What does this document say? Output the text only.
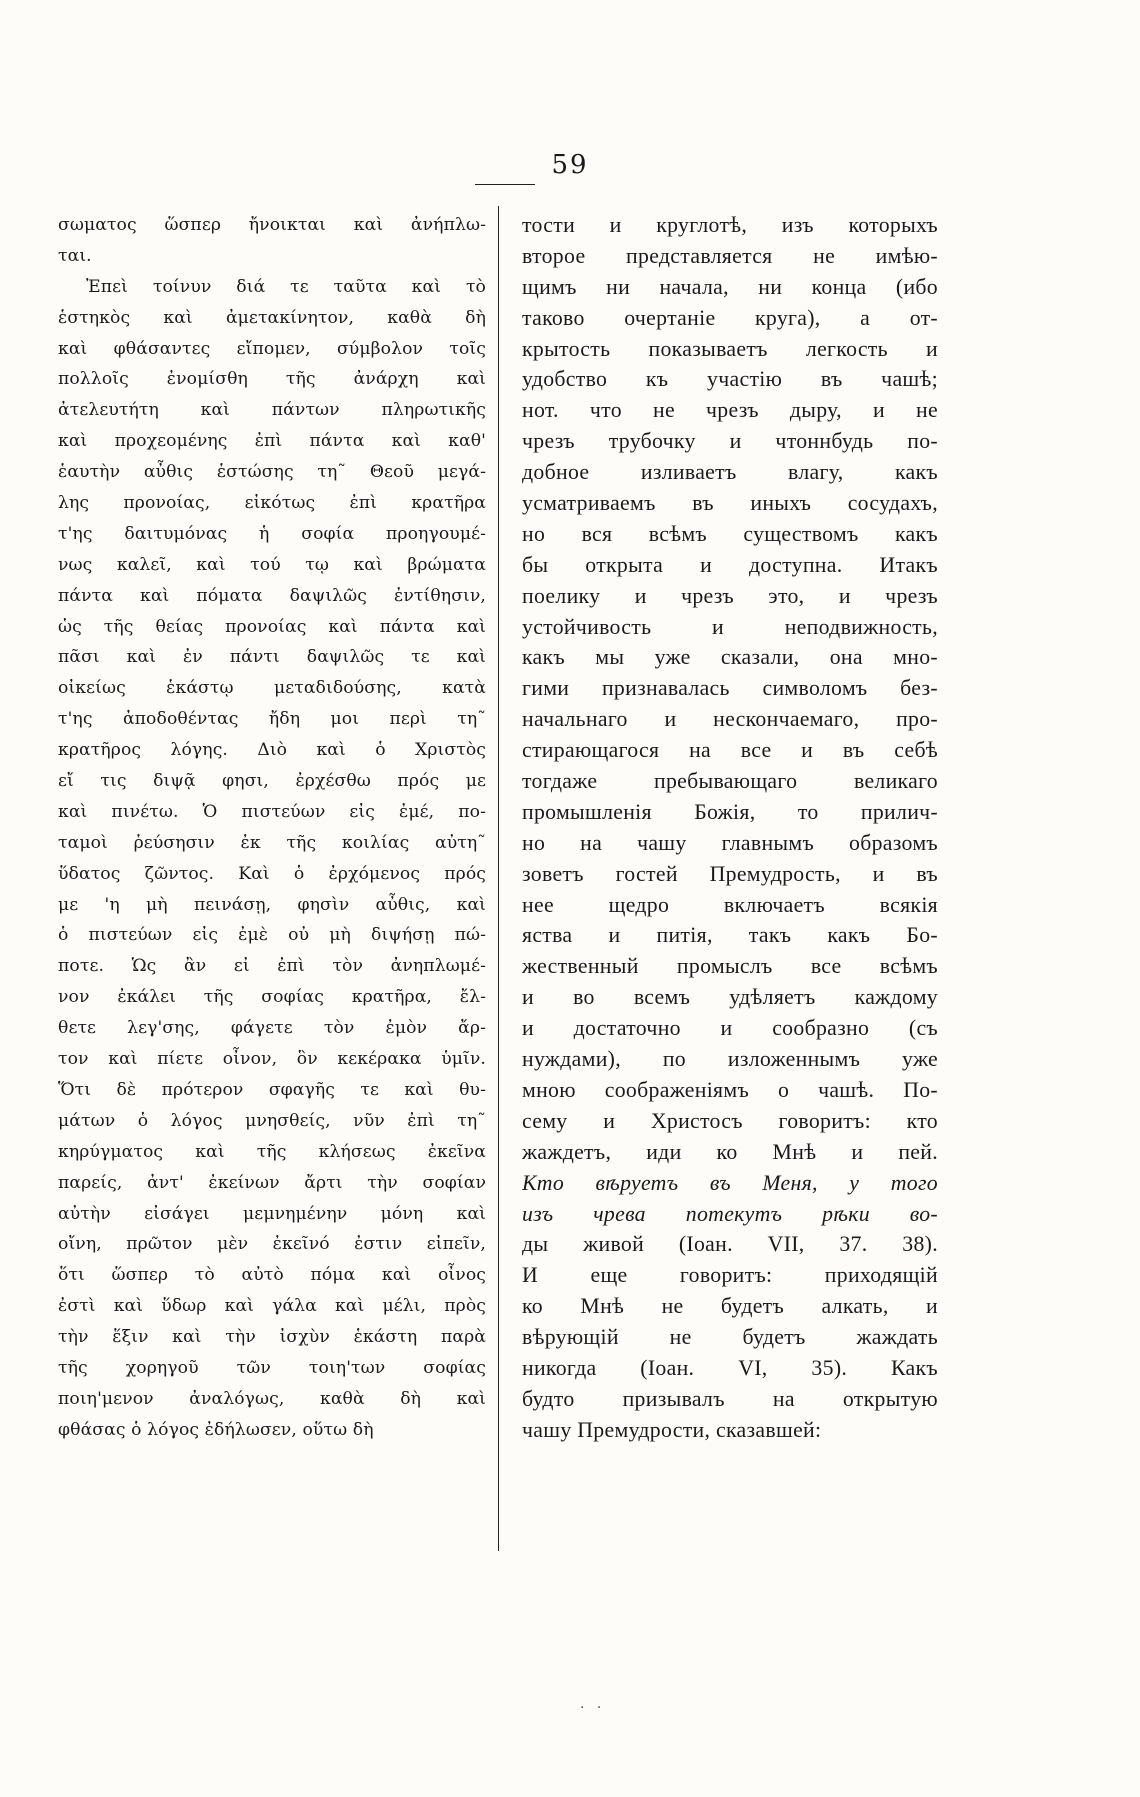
59
σωματος ὥσπερ ἤνοικται καὶ ἀνήπλω-
ται.
Ἐπεὶ τοίνυν διά τε ταῦτα καὶ τὸ
ἑστηκὸς καὶ ἀμετακίνητον, καθὰ δὴ
καὶ φθάσαντες εἴπομεν, σύμβολον τοῖς
πολλοῖς ἐνομίσθη τῆς ἀνάρχη καὶ
ἀτελευτήτη καὶ πάντων πληρωτικῆς
καὶ προχεομένης ἐπὶ πάντα καὶ καθ'
ἑαυτὴν αὖθις ἑστώσης τη῀ Θεοῦ μεγά-
λης προνοίας, εἰκότως ἐπὶ κρατῆρα
τ'ης δαιτυμόνας ἡ σοφία προηγουμέ-
νως καλεῖ, καὶ τού τῳ καὶ βρώματα
πάντα καὶ πόματα δαψιλῶς ἐντίθησιν,
ὡς τῆς θείας προνοίας καὶ πάντα καὶ
πᾶσι καὶ ἐν πάντι δαψιλῶς τε καὶ
οἰκείως ἑκάστῳ μεταδιδούσης, κατὰ
τ'ης ἀποδοθέντας ἤδη μοι περὶ τη῀
κρατῆρος λόγης. Διὸ καὶ ὁ Χριστὸς
εἴ τις διψᾷ φησι, ἐρχέσθω πρός με
καὶ πινέτω. Ὁ πιστεύων εἰς ἐμέ, πο-
ταμοὶ ῥεύσησιν ἐκ τῆς κοιλίας αὐτη῀
ὕδατος ζῶντος. Καὶ ὁ ἐρχόμενος πρός
με 'η μὴ πεινάσῃ, φησὶν αὖθις, καὶ
ὁ πιστεύων εἰς ἐμὲ οὐ μὴ διψήσῃ πώ-
ποτε. Ὡς ἂν εἰ ἐπὶ τὸν ἀνηπλωμέ-
νον ἐκάλει τῆς σοφίας κρατῆρα, ἔλ-
θετε λεγ'σης, φάγετε τὸν ἐμὸν ἄρ-
τον καὶ πίετε οἶνον, ὃν κεκέρακα ὑμῖν.
Ὅτι δὲ πρότερον σφαγῆς τε καὶ θυ-
μάτων ὁ λόγος μνησθείς, νῦν ἐπὶ τη῀
κηρύγματος καὶ τῆς κλήσεως ἐκεῖνα
παρείς, ἀντ' ἐκείνων ἄρτι τὴν σοφίαν
αὐτὴν εἰσάγει μεμνημένην μόνη καὶ
οἴνη, πρῶτον μὲν ἐκεῖνό ἐστιν εἰπεῖν,
ὅτι ὥσπερ τὸ αὐτὸ πόμα καὶ οἶνος
ἐστὶ καὶ ὕδωρ καὶ γάλα καὶ μέλι, πρὸς
τὴν ἕξιν καὶ τὴν ἰσχὺν ἑκάστη παρὰ
τῆς χορηγοῦ τῶν τοιη'των σοφίας
ποιη'μενον ἀναλόγως, καθὰ δὴ καὶ
φθάσας ὁ λόγος ἐδήλωσεν, οὕτω δὴ
тости и круглотѣ, изъ которыхъ
второе представляется не имѣю-
щимъ ни начала, ни конца (ибо
таково очертаніе круга), а от-
крытость показываетъ легкость и
удобство къ участію въ чашѣ;
нот. что не чрезъ дыру, и не
чрезъ трубочку и чтоннбудь по-
добное изливаетъ влагу, какъ
усматриваемъ въ иныхъ сосудахъ,
но вся всѣмъ существомъ какъ
бы открыта и доступна. Итакъ
поелику и чрезъ это, и чрезъ
устойчивость и неподвижность,
какъ мы уже сказали, она мно-
гими признавалась символомъ без-
начальнаго и нескончаемаго, про-
стирающагося на все и въ себѣ
тогдаже пребывающаго великаго
промышленія Божія, то прилич-
но на чашу главнымъ образомъ
зоветъ гостей Премудрость, и въ
нее щедро включаетъ всякія
яства и питія, такъ какъ Бо-
жественный промыслъ все всѣмъ
и во всемъ удѣляетъ каждому
и достаточно и сообразно (съ
нуждами), по изложеннымъ уже
мною соображеніямъ о чашѣ. По-
сему и Христосъ говоритъ: кто
жаждетъ, иди ко Мнѣ и пей.
Кто вѣруетъ въ Меня, у того
изъ чрева потекутъ рѣки во-
ды живой (Іоан. VII, 37. 38).
И еще говоритъ: приходящій
ко Мнѣ не будетъ алкать, и
вѣрующій не будетъ жаждать
никогда (Іоан. VI, 35). Какъ
будто призывалъ на открытую
чашу Премудрости, сказавшей:
· ·
